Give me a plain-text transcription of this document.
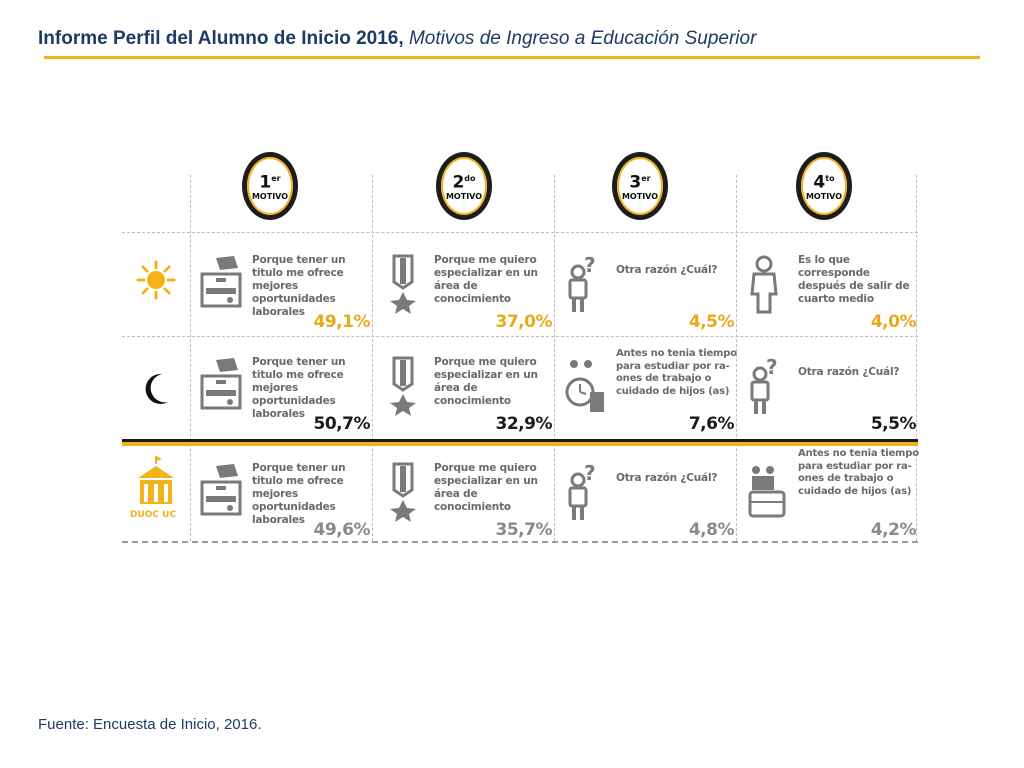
Informe Perfil del Alumno de Inicio 2016, Motivos de Ingreso a Educación Superior
1er
MOTIVO
$2^{do}$
MOTIVO
3er
MOTIVO
$4^{to}$
MOTIVO
DUOC UC
Porque tener un titulo me ofrece mejores oportunidades laborales 49,1%
Porque me quiero especializar en un área de conocimiento
37,0%
? Otra razón ¿Cuál?
4,5%
Es lo que corresponde después de salir de cuarto medio
4,0%
Porque tener un titulo me ofrece mejores oportunidades laborales 50,7%
Porque me quiero especializar en un área de conocimiento
32,9%
Antes no tenia tiempo para estudiar por ra-ones de trabajo o cuidado de hijos (as)
7,6%
? Otra razón ¿Cuál?
5,5%
Porque tener un titulo me ofrece mejores oportunidades laborales 49,6%
Porque me quiero especializar en un área de conocimiento
35,7%
? Otra razón ¿Cuál?
4,8%
Antes no tenia tiempo para estudiar por ra-ones de trabajo o cuidado de hijos (as)
4,2%
Fuente: Encuesta de Inicio, 2016.
